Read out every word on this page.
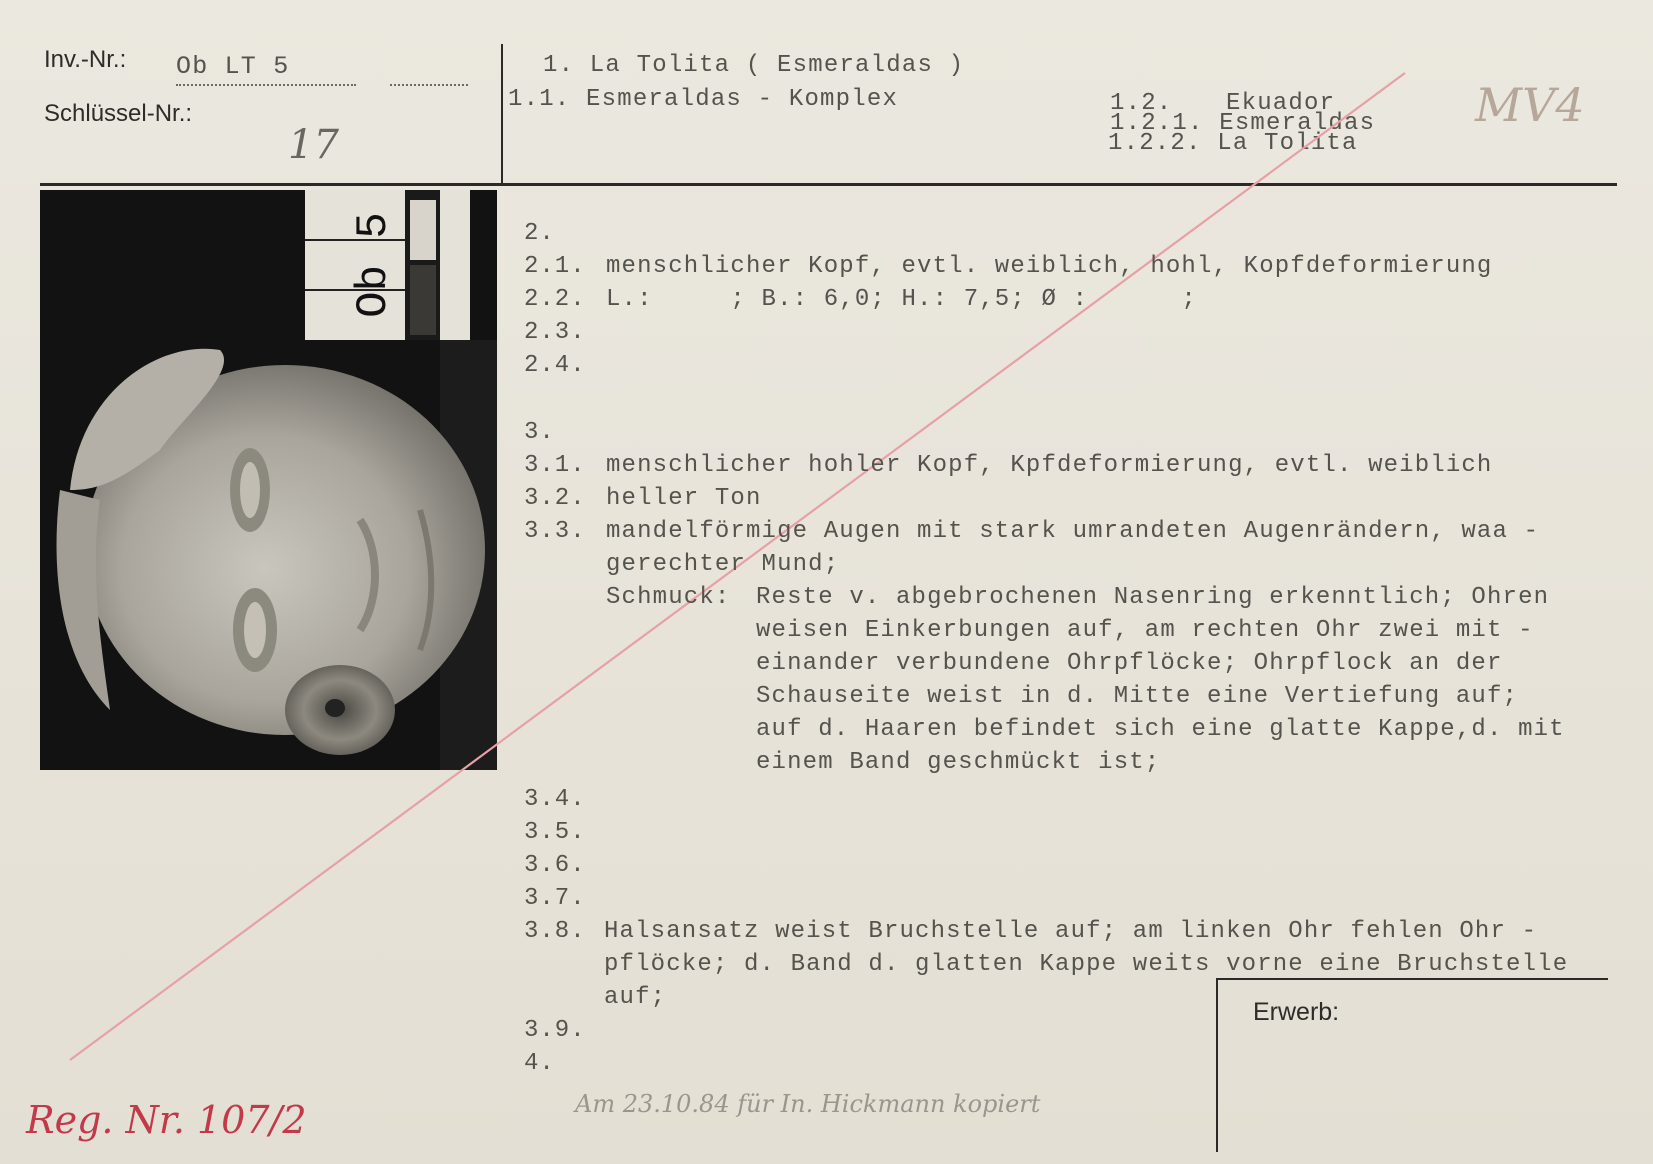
Inv.-Nr.: Ob LT 5
Schlüssel-Nr.:
17
1. La Tolita ( Esmeraldas )
1.1. Esmeraldas - Komplex	1.2. Ekuador
1.2.1. Esmeraldas
1.2.2. La Tolita
MV4
Ob 5	2.
2.1. menschlicher Kopf, evtl. weiblich, hohl, Kopfdeformierung
2.2. L.:     ; B.: 6,0; H.: 7,5; Ø :      ;
2.3.
2.4.
3.
3.1. menschlicher hohler Kopf, Kpfdeformierung, evtl. weiblich
3.2. heller Ton
3.3. mandelförmige Augen mit stark umrandeten Augenrändern, waa -
gerechter Mund;
Schmuck: Reste v. abgebrochenen Nasenring erkenntlich; Ohren
weisen Einkerbungen auf, am rechten Ohr zwei mit -
einander verbundene Ohrpflöcke; Ohrpflock an der
Schauseite weist in d. Mitte eine Vertiefung auf;
auf d. Haaren befindet sich eine glatte Kappe,d. mit
einem Band geschmückt ist;
3.4.
3.5.
3.6.
3.7.
3.8. Halsansatz weist Bruchstelle auf; am linken Ohr fehlen Ohr -
pflöcke; d. Band d. glatten Kappe weits vorne eine Bruchstelle
auf;
3.9.
4.
Erwerb:
Reg. Nr. 107/2	Am 23.10.84 für In. Hickmann kopiert
